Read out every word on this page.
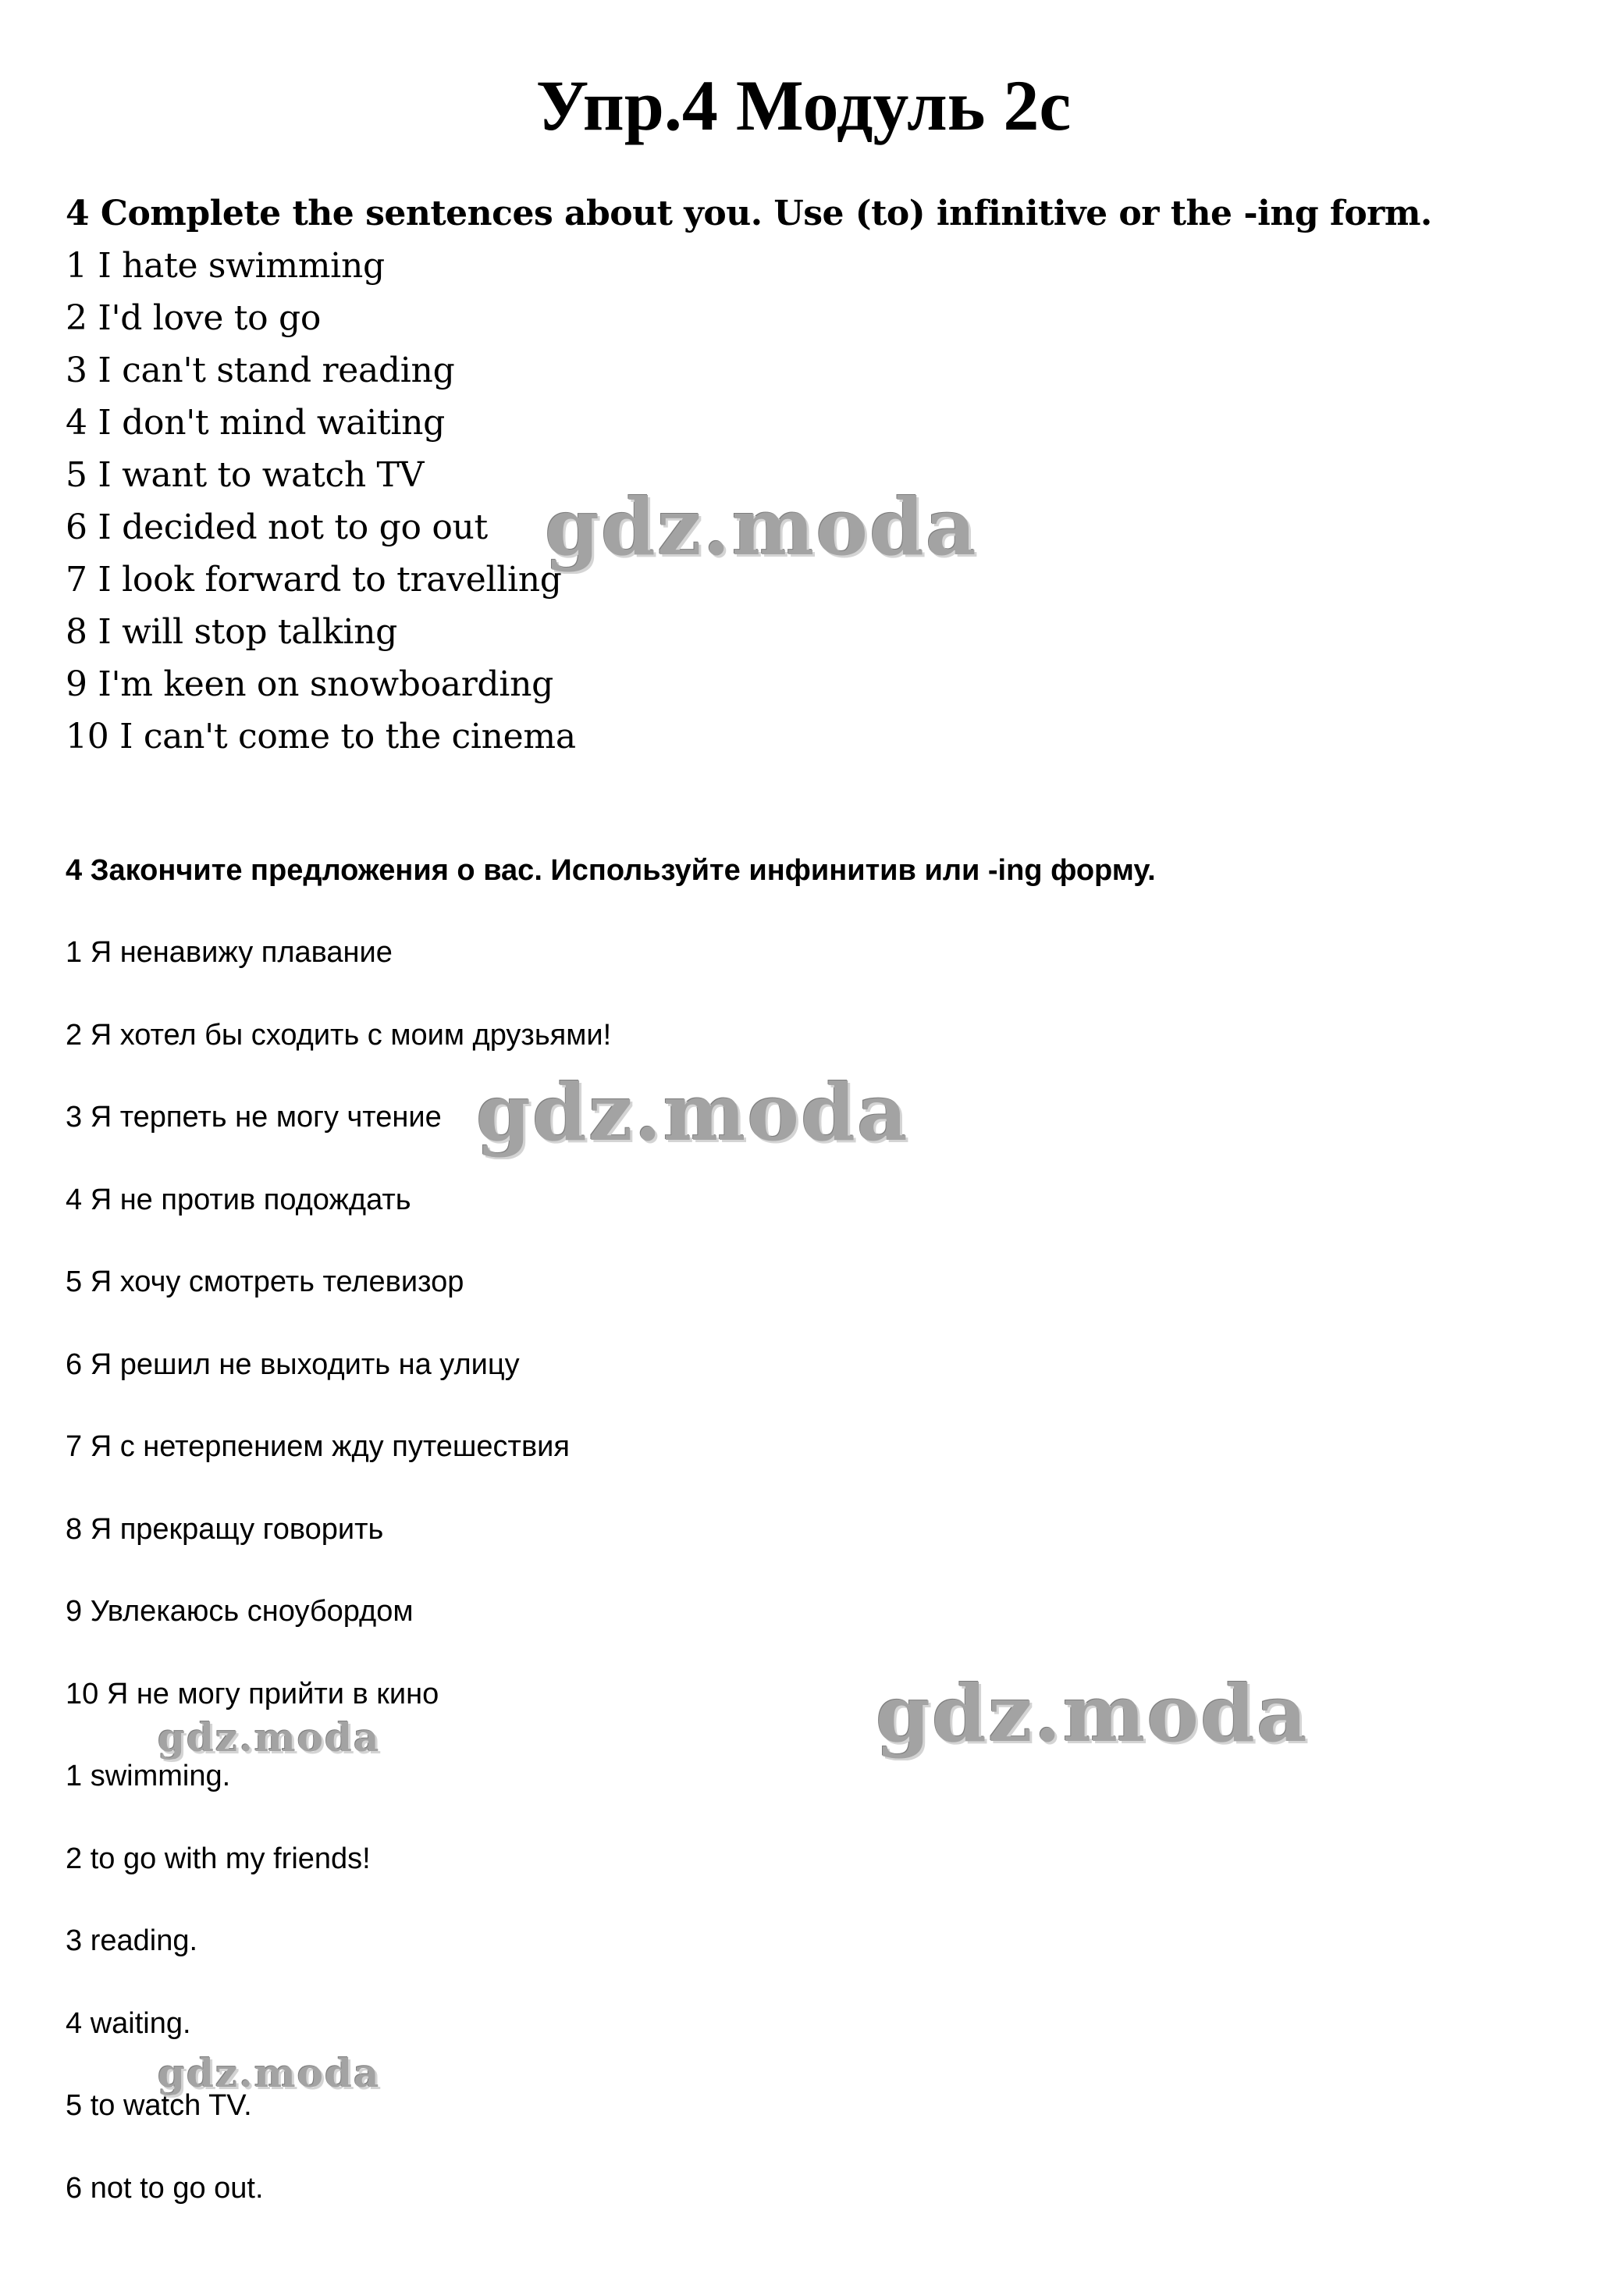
Упр.4 Модуль 2с

4 Complete the sentences about you. Use (to) infinitive or the -ing form.

1 I hate swimming
2 I'd love to go
3 I can't stand reading
4 I don't mind waiting
5 I want to watch TV
6 I decided not to go out
7 I look forward to travelling
8 I will stop talking
9 I'm keen on snowboarding
10 I can't come to the cinema

4 Закончите предложения о вас. Используйте инфинитив или -ing форму.

1 Я ненавижу плавание
2 Я хотел бы сходить с моим друзьями!
3 Я терпеть не могу чтение
4 Я не против подождать
5 Я хочу смотреть телевизор
6 Я решил не выходить на улицу
7 Я с нетерпением жду путешествия
8 Я прекращу говорить
9 Увлекаюсь сноубордом
10 Я не могу прийти в кино
1 swimming.
2 to go with my friends!
3 reading.
4 waiting.
5 to watch TV.
6 not to go out.
gdz.moda
gdz.moda
gdz.moda
gdz.moda
gdz.moda
